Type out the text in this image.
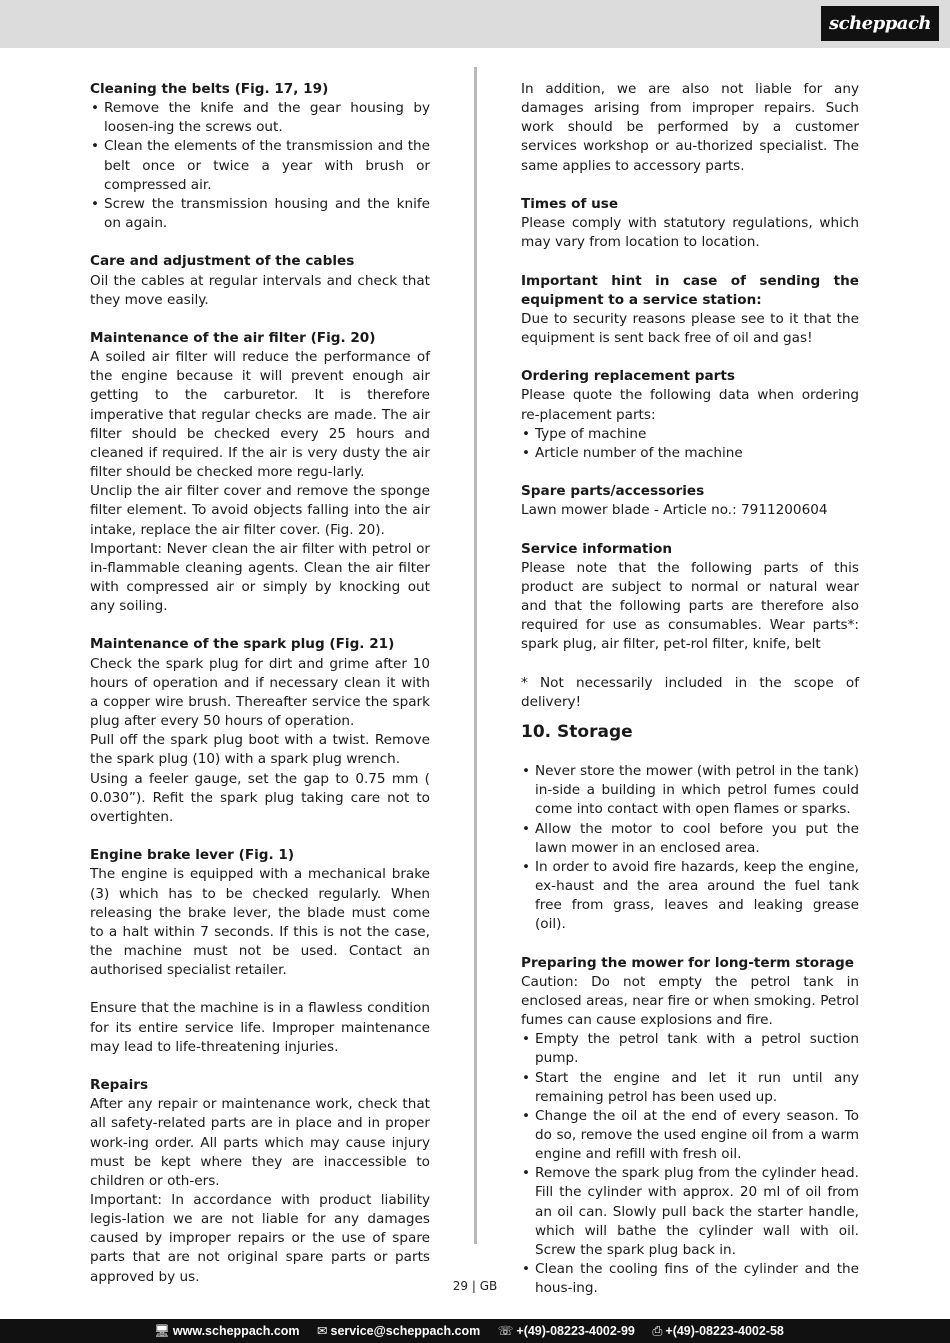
scheppach

Cleaning the belts (Fig. 17, 19)

• Remove the knife and the gear housing by loosen-ing the screws out.
• Clean the elements of the transmission and the belt once or twice a year with brush or compressed air.
• Screw the transmission housing and the knife on again.

Care and adjustment of the cables

Oil the cables at regular intervals and check that they move easily.

Maintenance of the air filter (Fig. 20)

A soiled air filter will reduce the performance of the engine because it will prevent enough air getting to the carburetor. It is therefore imperative that regular checks are made. The air filter should be checked every 25 hours and cleaned if required. If the air is very dusty the air filter should be checked more regu-larly.

Unclip the air filter cover and remove the sponge filter element. To avoid objects falling into the air intake, replace the air filter cover. (Fig. 20).

Important: Never clean the air filter with petrol or in-flammable cleaning agents. Clean the air filter with compressed air or simply by knocking out any soiling.

Maintenance of the spark plug (Fig. 21)

Check the spark plug for dirt and grime after 10 hours of operation and if necessary clean it with a copper wire brush. Thereafter service the spark plug after every 50 hours of operation.

Pull off the spark plug boot with a twist. Remove the spark plug (10) with a spark plug wrench.

Using a feeler gauge, set the gap to 0.75 mm ( 0.030”). Refit the spark plug taking care not to overtighten.

Engine brake lever (Fig. 1)

The engine is equipped with a mechanical brake (3) which has to be checked regularly. When releasing the brake lever, the blade must come to a halt within 7 seconds. If this is not the case, the machine must not be used. Contact an authorised specialist retailer.

Ensure that the machine is in a flawless condition for its entire service life. Improper maintenance may lead to life-threatening injuries.

Repairs

After any repair or maintenance work, check that all safety-related parts are in place and in proper work-ing order. All parts which may cause injury must be kept where they are inaccessible to children or oth-ers.

Important: In accordance with product liability legis-lation we are not liable for any damages caused by improper repairs or the use of spare parts that are not original spare parts or parts approved by us.

In addition, we are also not liable for any damages arising from improper repairs. Such work should be performed by a customer services workshop or au-thorized specialist. The same applies to accessory parts.

Times of use

Please comply with statutory regulations, which may vary from location to location.

Important hint in case of sending the equipment to a service station:

Due to security reasons please see to it that the equipment is sent back free of oil and gas!

Ordering replacement parts

Please quote the following data when ordering re-placement parts:

• Type of machine
• Article number of the machine

Spare parts/accessories

Lawn mower blade - Article no.: 7911200604

Service information

Please note that the following parts of this product are subject to normal or natural wear and that the following parts are therefore also required for use as consumables. Wear parts*: spark plug, air filter, pet-rol filter, knife, belt

* Not necessarily included in the scope of delivery!

10. Storage

• Never store the mower (with petrol in the tank) in-side a building in which petrol fumes could come into contact with open flames or sparks.
• Allow the motor to cool before you put the lawn mower in an enclosed area.
• In order to avoid fire hazards, keep the engine, ex-haust and the area around the fuel tank free from grass, leaves and leaking grease (oil).

Preparing the mower for long-term storage

Caution: Do not empty the petrol tank in enclosed areas, near fire or when smoking. Petrol fumes can cause explosions and fire.

• Empty the petrol tank with a petrol suction pump.
• Start the engine and let it run until any remaining petrol has been used up.
• Change the oil at the end of every season. To do so, remove the used engine oil from a warm engine and refill with fresh oil.
• Remove the spark plug from the cylinder head. Fill the cylinder with approx. 20 ml of oil from an oil can. Slowly pull back the starter handle, which will bathe the cylinder wall with oil. Screw the spark plug back in.
• Clean the cooling fins of the cylinder and the hous-ing.
29 | GB
🖥︎ www.scheppach.com ✉ service@scheppach.com ☏ +(49)-08223-4002-99 ⎙ +(49)-08223-4002-58
